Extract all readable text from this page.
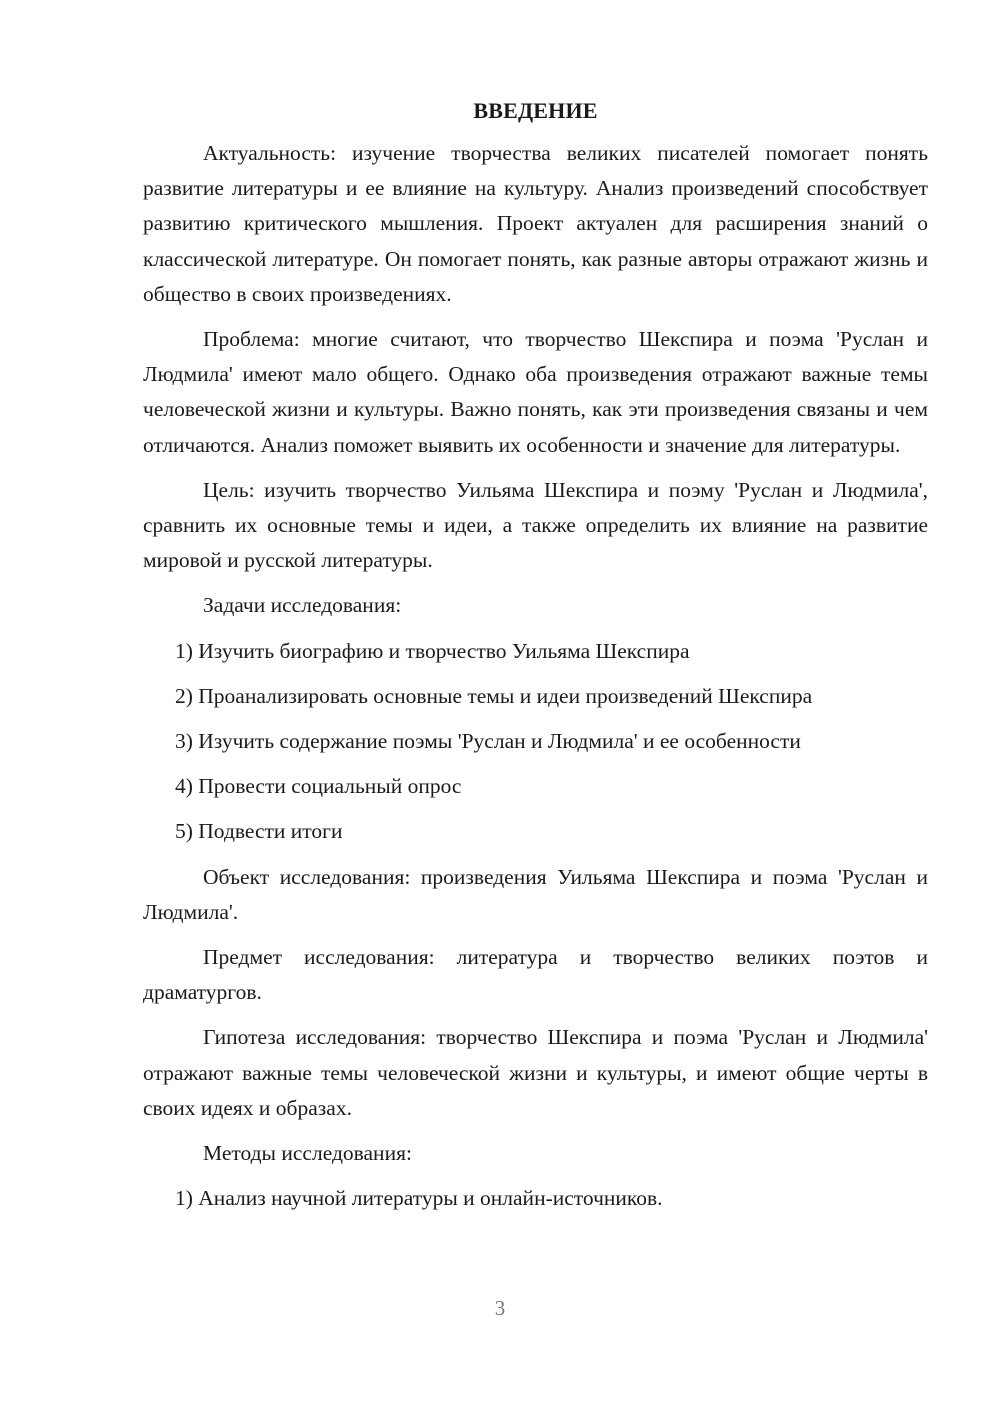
ВВЕДЕНИЕ

Актуальность: изучение творчества великих писателей помогает понять развитие литературы и ее влияние на культуру. Анализ произведений способствует развитию критического мышления. Проект актуален для расширения знаний о классической литературе. Он помогает понять, как разные авторы отражают жизнь и общество в своих произведениях.

Проблема: многие считают, что творчество Шекспира и поэма 'Руслан и Людмила' имеют мало общего. Однако оба произведения отражают важные темы человеческой жизни и культуры. Важно понять, как эти произведения связаны и чем отличаются. Анализ поможет выявить их особенности и значение для литературы.

Цель: изучить творчество Уильяма Шекспира и поэму 'Руслан и Людмила', сравнить их основные темы и идеи, а также определить их влияние на развитие мировой и русской литературы.

Задачи исследования:

1) Изучить биографию и творчество Уильяма Шекспира

2) Проанализировать основные темы и идеи произведений Шекспира

3) Изучить содержание поэмы 'Руслан и Людмила' и ее особенности

4) Провести социальный опрос

5) Подвести итоги

Объект исследования: произведения Уильяма Шекспира и поэма 'Руслан и Людмила'.

Предмет исследования: литература и творчество великих поэтов и драматургов.

Гипотеза исследования: творчество Шекспира и поэма 'Руслан и Людмила' отражают важные темы человеческой жизни и культуры, и имеют общие черты в своих идеях и образах.

Методы исследования:

1) Анализ научной литературы и онлайн-источников.

3
